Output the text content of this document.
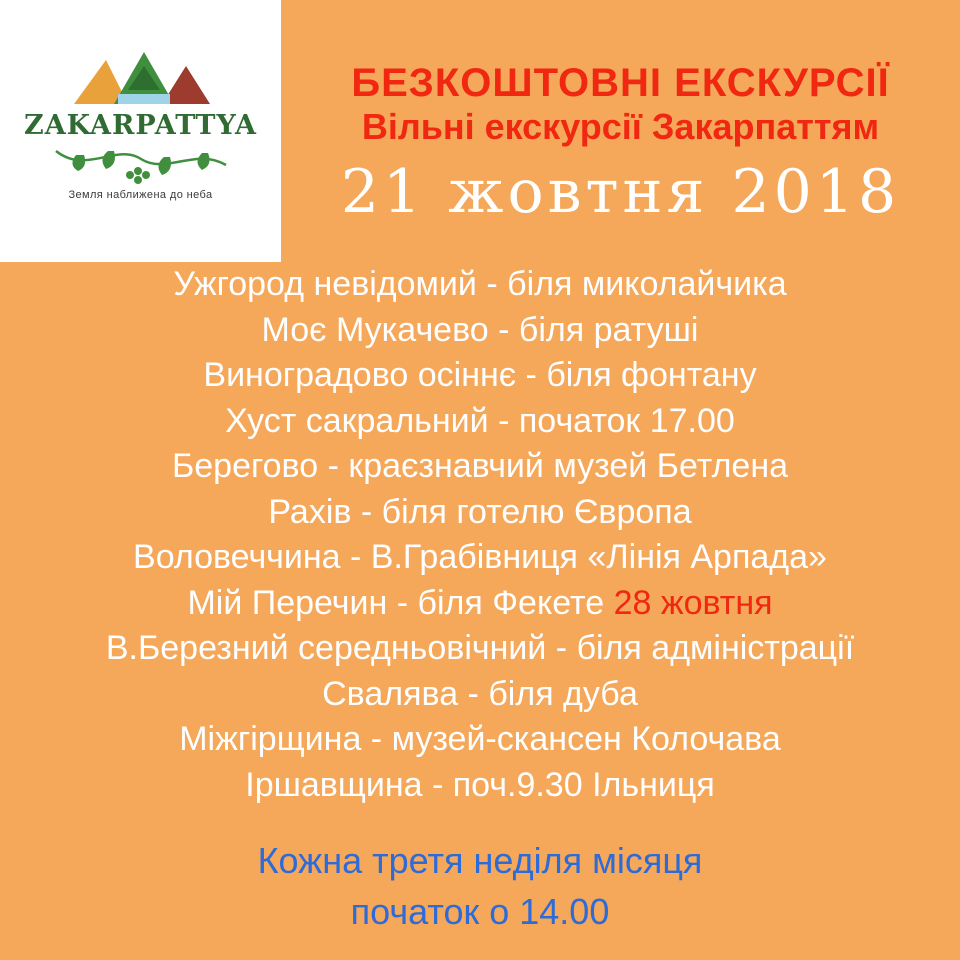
ZAKARPATTYA
Земля наближена до неба
БЕЗКОШТОВНІ ЕКСКУРСІЇ
Вільні екскурсії Закарпаттям
21 жовтня 2018
Ужгород невідомий - біля миколайчика
Моє Мукачево - біля ратуші
Виноградово осіннє - біля фонтану
Хуст сакральний - початок 17.00
Берегово - краєзнавчий музей Бетлена
Рахів - біля готелю Європа
Воловеччина - В.Грабівниця «Лінія Арпада»
Мій Перечин - біля Фекете 28 жовтня
В.Березний середньовічний - біля адміністрації
Свалява - біля дуба
Міжгірщина - музей-скансен Колочава
Іршавщина - поч.9.30 Ільниця
Кожна третя неділя місяця
початок о 14.00
